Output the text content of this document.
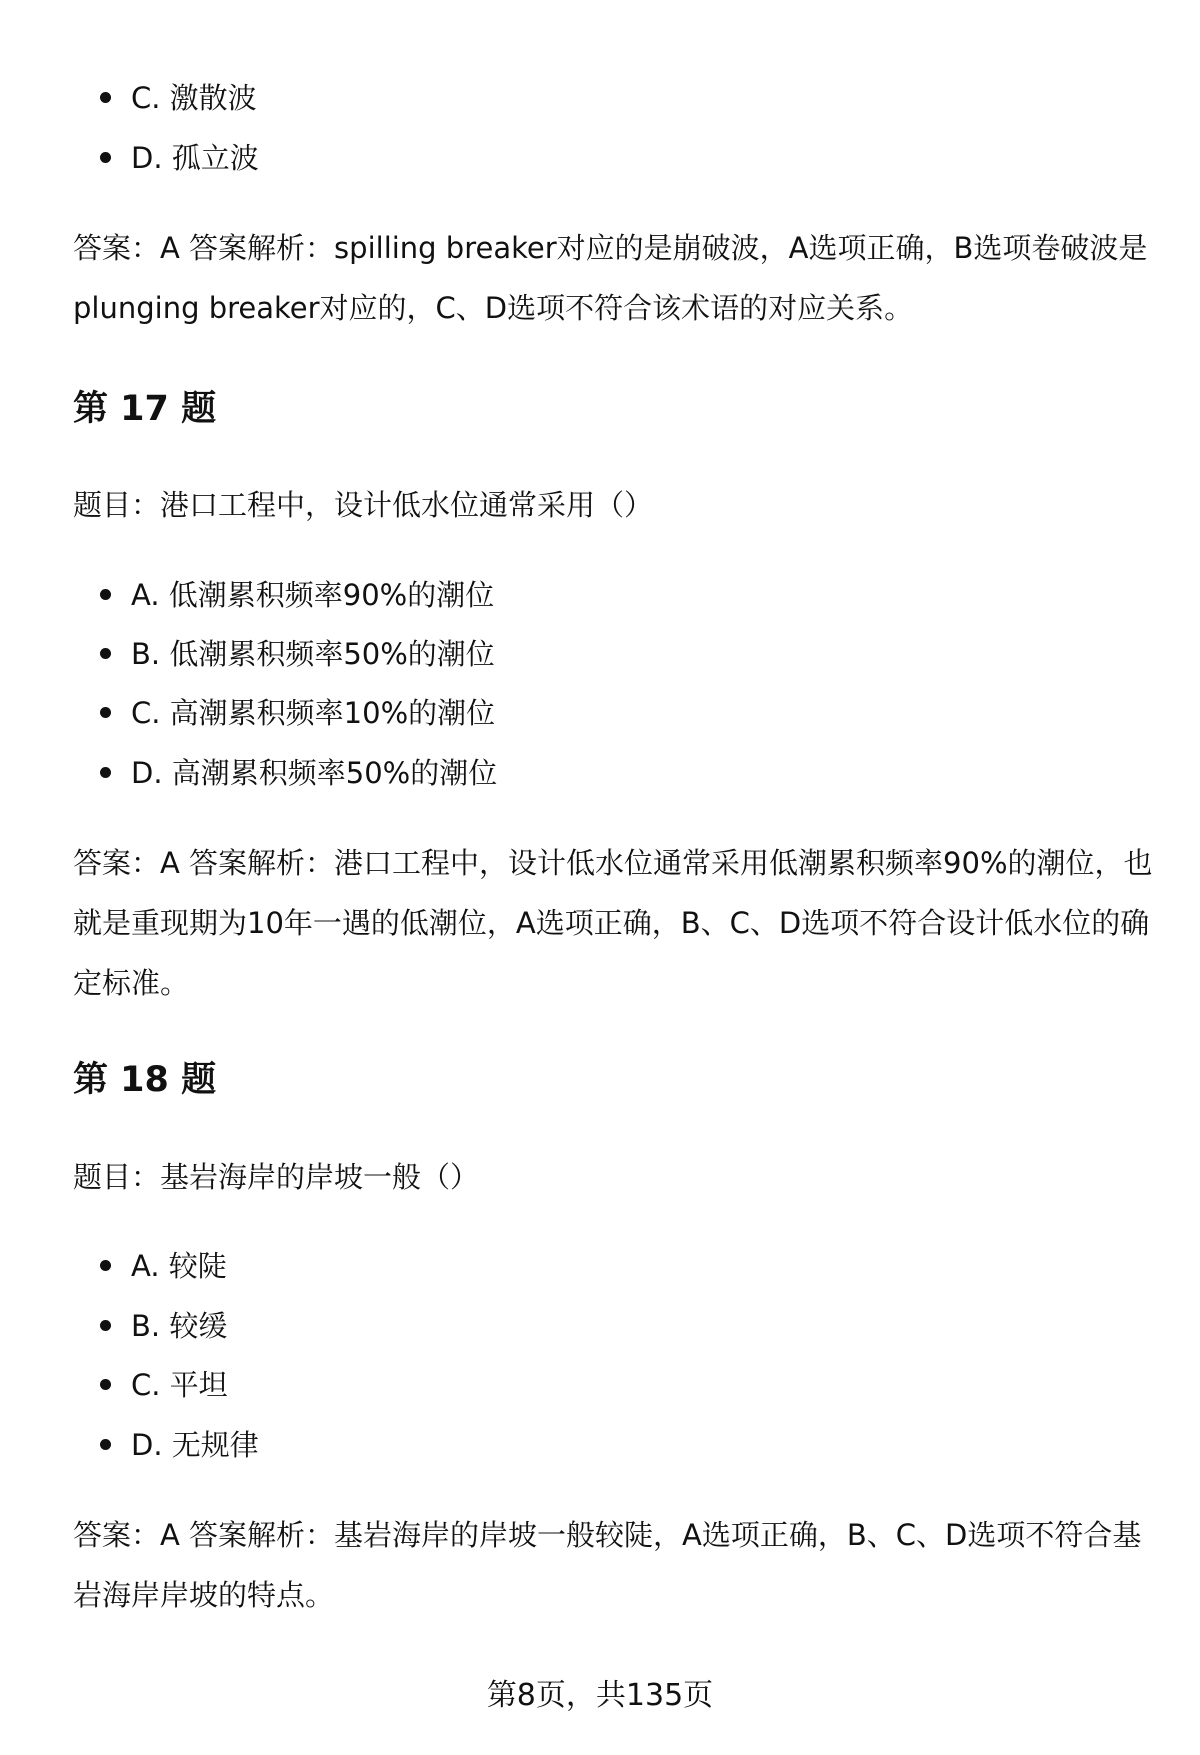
C. 激散波
D. 孤立波
答案：A 答案解析：spilling breaker对应的是崩破波，A选项正确，B选项卷破波是plunging breaker对应的，C、D选项不符合该术语的对应关系。
第 17 题
题目：港口工程中，设计低水位通常采用（）
A. 低潮累积频率90%的潮位
B. 低潮累积频率50%的潮位
C. 高潮累积频率10%的潮位
D. 高潮累积频率50%的潮位
答案：A 答案解析：港口工程中，设计低水位通常采用低潮累积频率90%的潮位，也就是重现期为10年一遇的低潮位，A选项正确，B、C、D选项不符合设计低水位的确定标准。
第 18 题
题目：基岩海岸的岸坡一般（）
A. 较陡
B. 较缓
C. 平坦
D. 无规律
答案：A 答案解析：基岩海岸的岸坡一般较陡，A选项正确，B、C、D选项不符合基岩海岸岸坡的特点。
第8页，共135页
